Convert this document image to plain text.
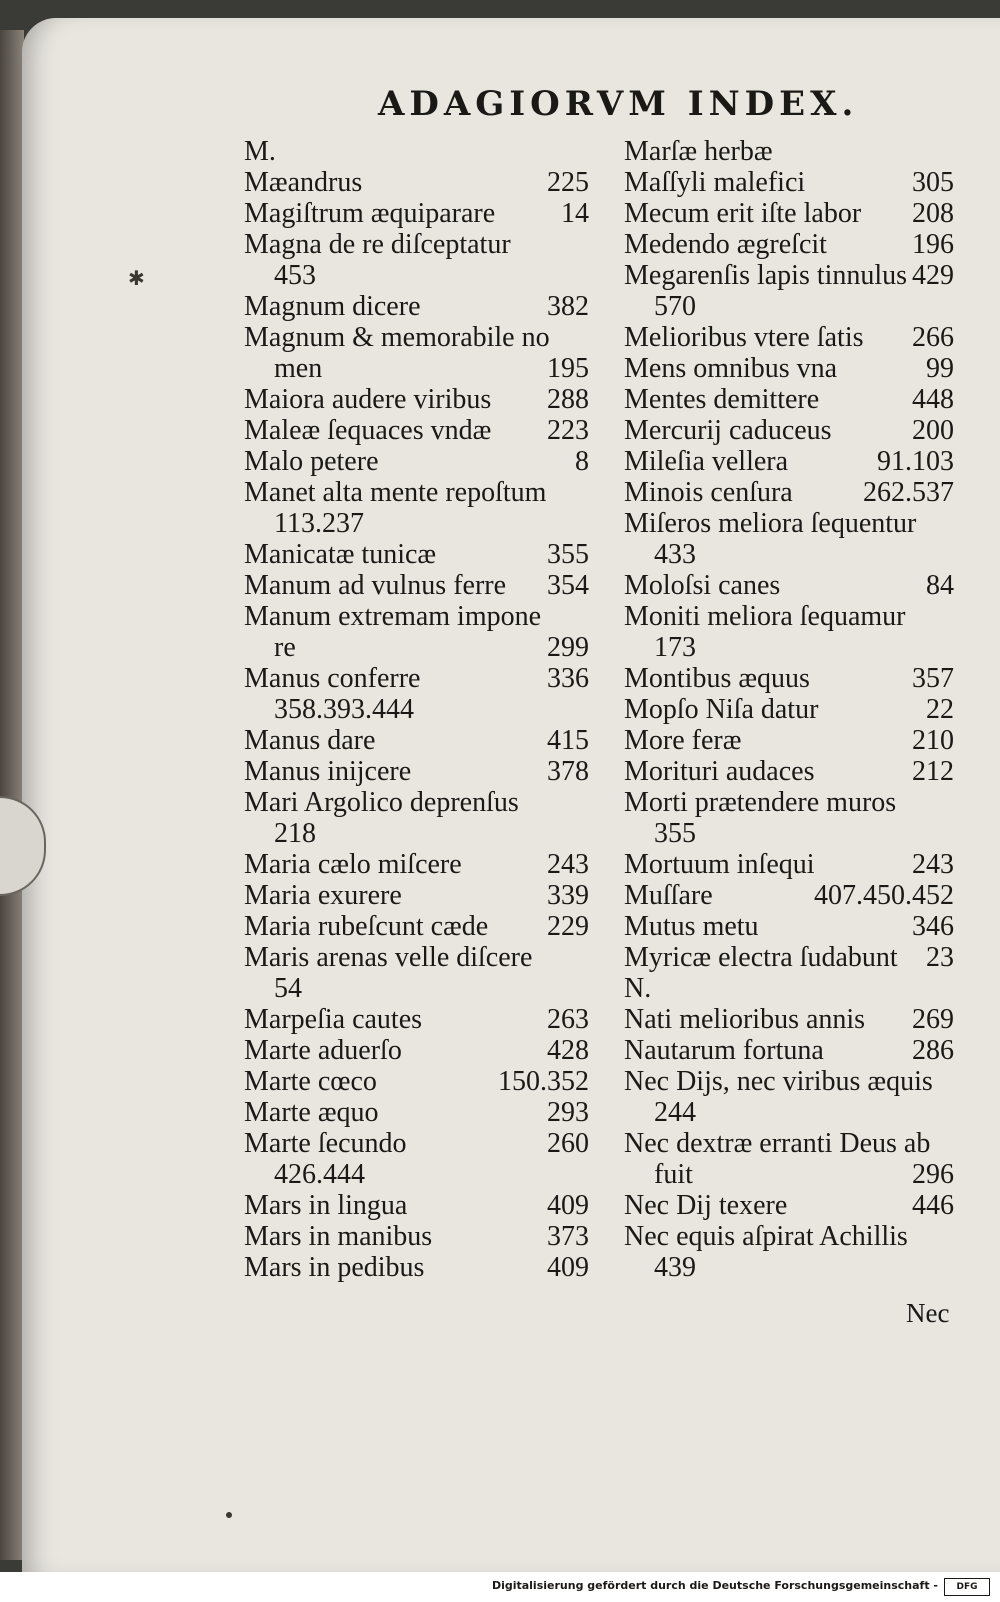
ADAGIORVM INDEX.
✱
M.
Mæandrus	225
Magiſtrum æquiparare 14
Magna de re diſceptatur
453
Magnum dicere	382
Magnum & memorabile no
men	195
Maiora audere viribus 288
Maleæ ſequaces vndæ 223
Malo petere	8
Manet alta mente repoſtum
113.237
Manicatæ tunicæ	355
Manum ad vulnus ferre 354
Manum extremam impone
re	299
Manus conferre	336
358.393.444
Manus dare	415
Manus inijcere	378
Mari Argolico deprenſus
218
Maria cælo miſcere	243
Maria exurere	339
Maria rubeſcunt cæde 229
Maris arenas velle diſcere
54
Marpeſia cautes	263
Marte aduerſo	428
Marte cœco	150.352
Marte æquo	293
Marte ſecundo	260
426.444
Mars in lingua	409
Mars in manibus	373
Mars in pedibus	409
Marſæ herbæ
Maſſyli malefici	305
Mecum erit iſte labor 208
Medendo ægreſcit	196
Megarenſis lapis tinnulus 429
570
Melioribus vtere ſatis 266
Mens omnibus vna	99
Mentes demittere	448
Mercurij caduceus	200
Mileſia vellera	91.103
Minois cenſura	262.537
Miſeros meliora ſequentur
433
Moloſsi canes	84
Moniti meliora ſequamur
173
Montibus æquus	357
Mopſo Niſa datur	22
More feræ	210
Morituri audaces	212
Morti prætendere muros
355
Mortuum inſequi	243
Muſſare	407.450.452
Mutus metu	346
Myricæ electra ſudabunt 23
N.
Nati melioribus annis 269
Nautarum fortuna	286
Nec Dijs, nec viribus æquis
244
Nec dextræ erranti Deus ab
fuit	296
Nec Dij texere	446
Nec equis aſpirat Achillis
439
Nec
Digitalisierung gefördert durch die Deutsche Forschungsgemeinschaft -	DFG
